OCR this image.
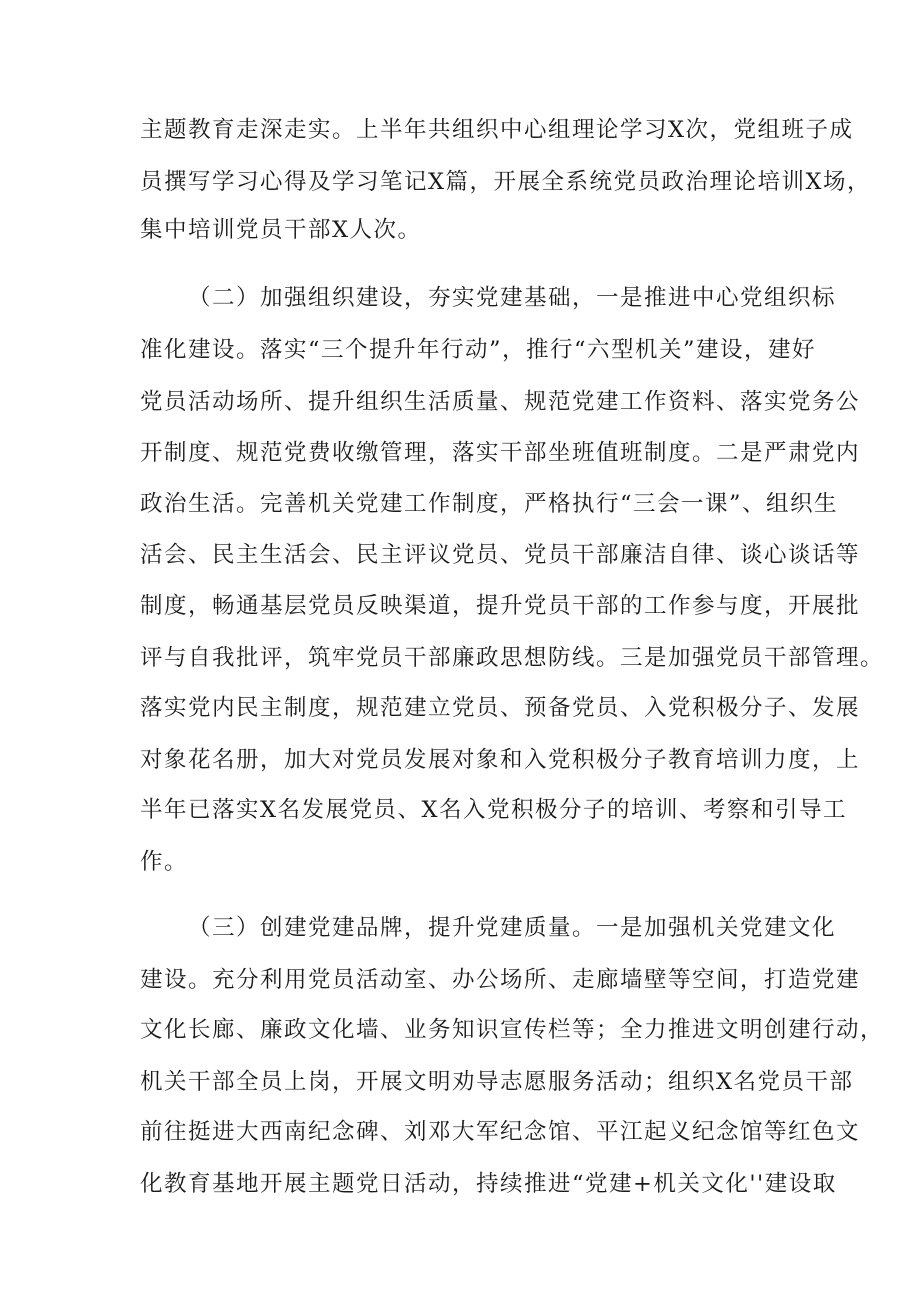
主题教育走深走实。上半年共组织中心组理论学习X次，党组班子成
员撰写学习心得及学习笔记X篇，开展全系统党员政治理论培训X场，
集中培训党员干部X人次。
（二）加强组织建设，夯实党建基础，一是推进中心党组织标
准化建设。落实“三个提升年行动”，推行“六型机关”建设，建好
党员活动场所、提升组织生活质量、规范党建工作资料、落实党务公
开制度、规范党费收缴管理，落实干部坐班值班制度。二是严肃党内
政治生活。完善机关党建工作制度，严格执行“三会一课”、组织生
活会、民主生活会、民主评议党员、党员干部廉洁自律、谈心谈话等
制度，畅通基层党员反映渠道，提升党员干部的工作参与度，开展批
评与自我批评，筑牢党员干部廉政思想防线。三是加强党员干部管理。
落实党内民主制度，规范建立党员、预备党员、入党积极分子、发展
对象花名册，加大对党员发展对象和入党积极分子教育培训力度，上
半年已落实X名发展党员、X名入党积极分子的培训、考察和引导工
作。
（三）创建党建品牌，提升党建质量。一是加强机关党建文化
建设。充分利用党员活动室、办公场所、走廊墙壁等空间，打造党建
文化长廊、廉政文化墙、业务知识宣传栏等；全力推进文明创建行动，
机关干部全员上岗，开展文明劝导志愿服务活动；组织X名党员干部
前往挺进大西南纪念碑、刘邓大军纪念馆、平江起义纪念馆等红色文
化教育基地开展主题党日活动，持续推进“党建+机关文化''建设取
